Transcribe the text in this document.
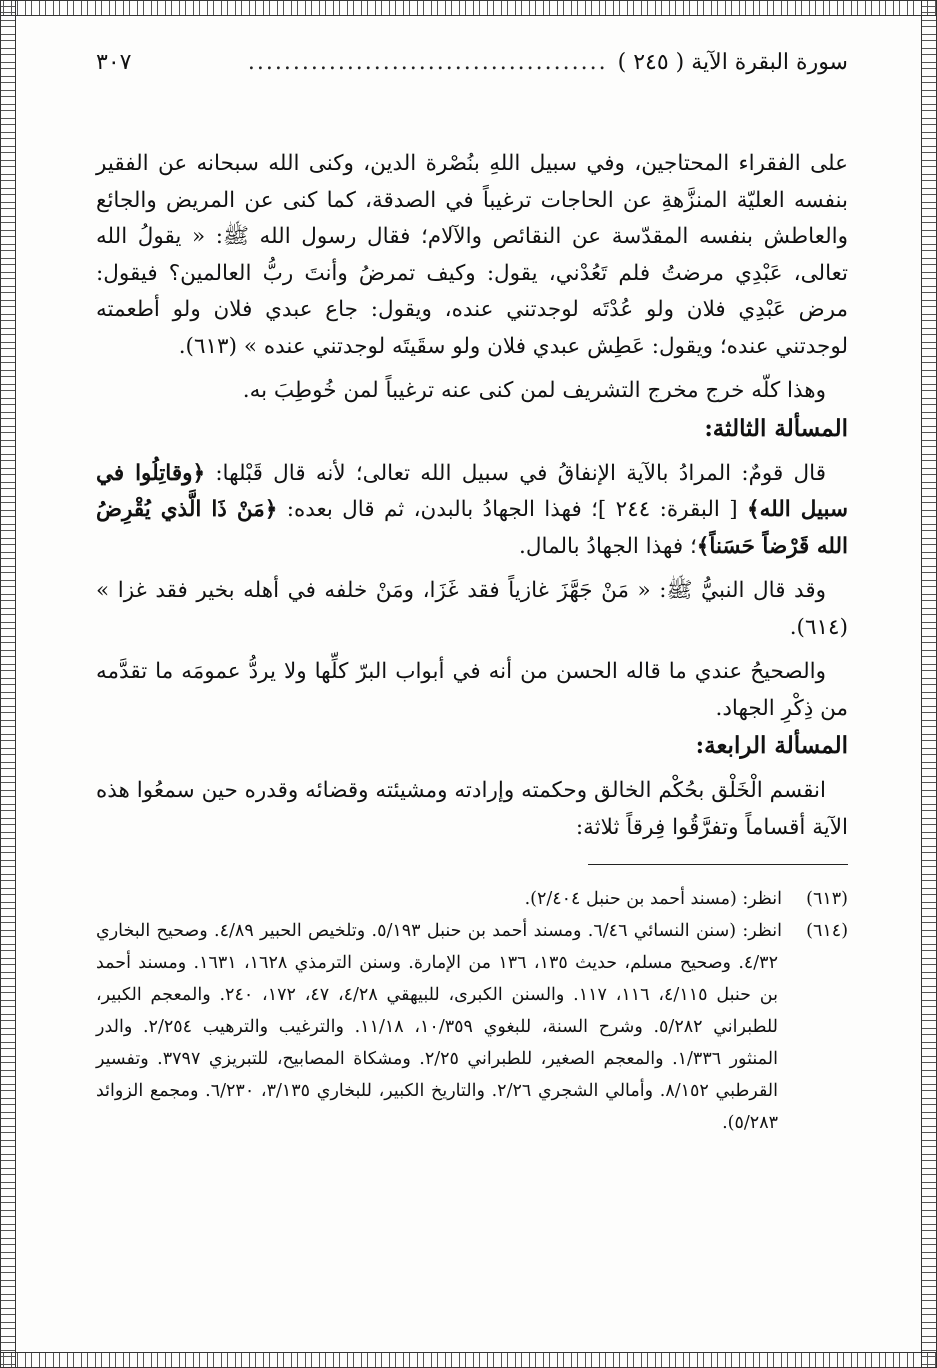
سورة البقرة الآية ( ٢٤٥ )
........................................
٣٠٧

على الفقراء المحتاجين، وفي سبيل اللهِ بنُصْرة الدين، وكنى الله سبحانه عن الفقير بنفسه العليّة المنزَّهةِ عن الحاجات ترغيباً في الصدقة، كما كنى عن المريض والجائع والعاطش بنفسه المقدّسة عن النقائص والآلام؛ فقال رسول الله ﷺ: « يقولُ الله تعالى، عَبْدِي مرضتُ فلم تَعُدْني، يقول: وكيف تمرضُ وأنتَ ربُّ العالمين؟ فيقول: مرض عَبْدِي فلان ولو عُدْتَه لوجدتني عنده، ويقول: جاع عبدي فلان ولو أطعمته لوجدتني عنده؛ ويقول: عَطِش عبدي فلان ولو سقَيتَه لوجدتني عنده » (٦١٣).

وهذا كلّه خرج مخرج التشريف لمن كنى عنه ترغيباً لمن خُوطِبَ به.

المسألة الثالثة:

قال قومٌ: المرادُ بالآية الإنفاقُ في سبيل الله تعالى؛ لأنه قال قَبْلها: ﴿وقاتِلُوا في سبيل الله﴾ [ البقرة: ٢٤٤ ]؛ فهذا الجهادُ بالبدن، ثم قال بعده: ﴿مَنْ ذَا الَّذي يُقْرِضُ الله قَرْضاً حَسَناً﴾؛ فهذا الجهادُ بالمال.

وقد قال النبيُّ ﷺ: « مَنْ جَهَّزَ غازياً فقد غَزَا، ومَنْ خلفه في أهله بخير فقد غزا » (٦١٤).

والصحيحُ عندي ما قاله الحسن من أنه في أبواب البرّ كلِّها ولا يردُّ عمومَه ما تقدَّمه من ذِكْرِ الجهاد.

المسألة الرابعة:

انقسم الْخَلْق بحُكْم الخالق وحكمته وإرادته ومشيئته وقضائه وقدره حين سمعُوا هذه الآية أقساماً وتفرَّقُوا فِرقاً ثلاثة:

(٦١٣)انظر: (مسند أحمد بن حنبل ٢/٤٠٤).

(٦١٤)انظر: (سنن النسائي ٦/٤٦. ومسند أحمد بن حنبل ٥/١٩٣. وتلخيص الحبير ٤/٨٩. وصحيح البخاري ٤/٣٢. وصحيح مسلم، حديث ١٣٥، ١٣٦ من الإمارة. وسنن الترمذي ١٦٢٨، ١٦٣١. ومسند أحمد بن حنبل ٤/١١٥، ١١٦، ١١٧. والسنن الكبرى، للبيهقي ٤/٢٨، ٤٧، ١٧٢، ٢٤٠. والمعجم الكبير، للطبراني ٥/٢٨٢. وشرح السنة، للبغوي ١٠/٣٥٩، ١١/١٨. والترغيب والترهيب ٢/٢٥٤. والدر المنثور ١/٣٣٦. والمعجم الصغير، للطبراني ٢/٢٥. ومشكاة المصابيح، للتبريزي ٣٧٩٧. وتفسير القرطبي ٨/١٥٢. وأمالي الشجري ٢/٢٦. والتاريخ الكبير، للبخاري ٣/١٣٥، ٦/٢٣٠. ومجمع الزوائد ٥/٢٨٣).
